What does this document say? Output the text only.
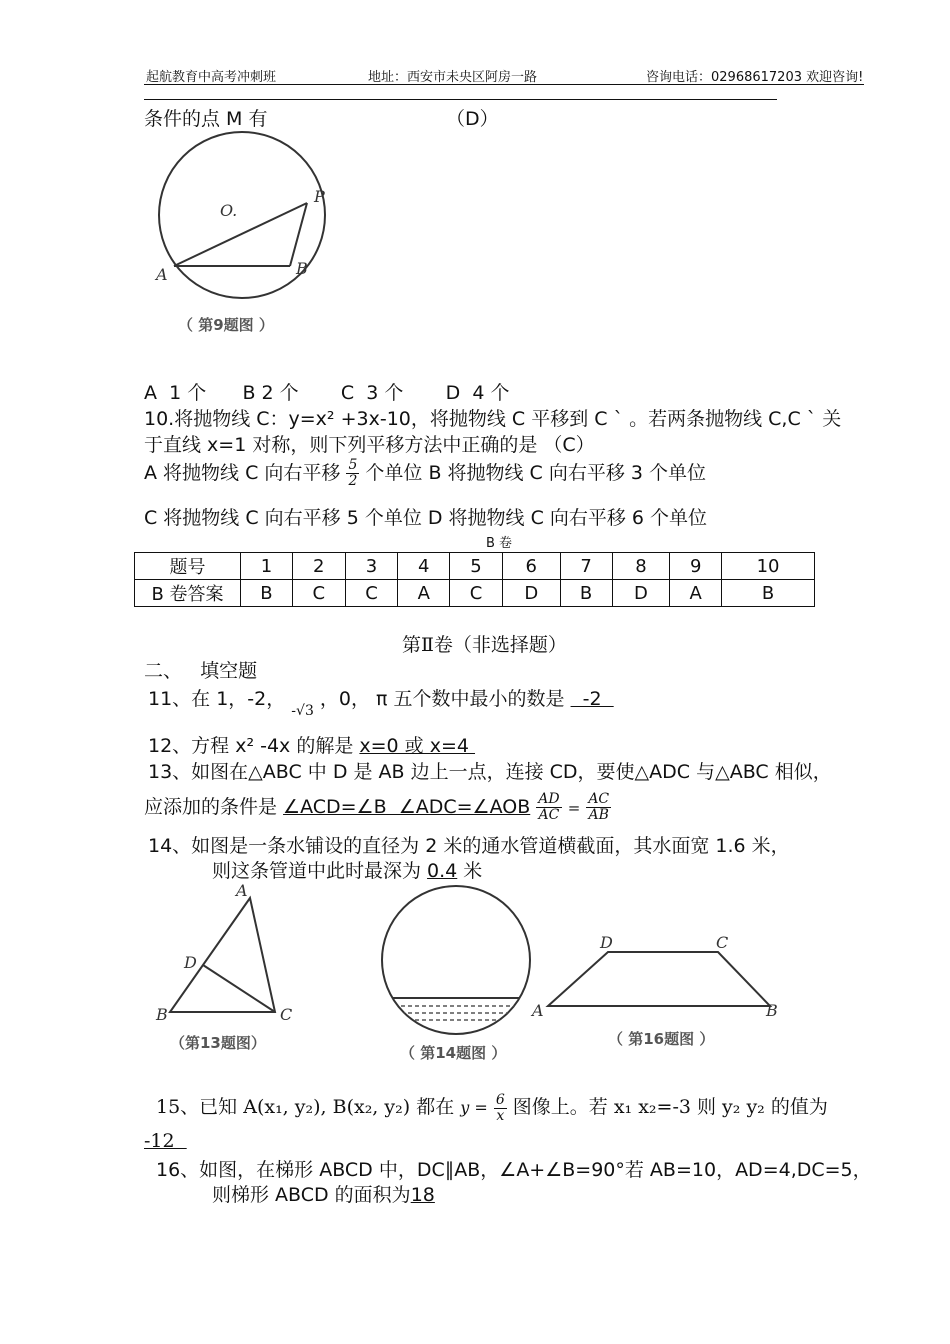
起航教育中高考冲刺班	地址：西安市未央区阿房一路	咨询电话：02968617203 欢迎咨询!
条件的点 M 有	（D）
O.
P
A	B
（ 第9题图 ）
A  1 个      B 2 个       C  3 个       D  4 个
10.将抛物线 C：y=x² +3x-10，将抛物线 C 平移到 C ` 。若两条抛物线 C,C ` 关
于直线 x=1 对称，则下列平移方法中正确的是 （C）
A 将抛物线 C 向右平移 $\frac{5}{2}$ 个单位 B 将抛物线 C 向右平移 3 个单位
C 将抛物线 C 向右平移 5 个单位 D 将抛物线 C 向右平移 6 个单位
B 卷
题号	1	2	3	4	5	6	7	8	9	10
B 卷答案	B	C	C	A	C	D	B	D	A	B
第Ⅱ卷（非选择题）
二、   填空题
11、在 1，-2， $_{-√3}$ ，0， π 五个数中最小的数是   -2
12、方程 x² -4x 的解是 x=0 或 x=4
13、如图在△ABC 中 D 是 AB 边上一点，连接 CD，要使△ADC 与△ABC 相似，
应添加的条件是 ∠ACD=∠B  ∠ADC=∠AOB $\frac{AD}{AC} = \frac{AC}{AB}$
14、如图是一条水铺设的直径为 2 米的通水管道横截面，其水面宽 1.6 米，
则这条管道中此时最深为 0.4 米
A
D
B	C
（第13题图）
（ 第14题图 ）
D	C
A	B
（ 第16题图 ）
15、已知 A(x₁, y₂), B(x₂, y₂) 都在 $y = \frac{6}{x}$ 图像上。若 x₁ x₂=-3 则 y₂ y₂ 的值为
-12
16、如图，在梯形 ABCD 中，DC∥AB，∠A+∠B=90°若 AB=10，AD=4,DC=5，
则梯形 ABCD 的面积为18
